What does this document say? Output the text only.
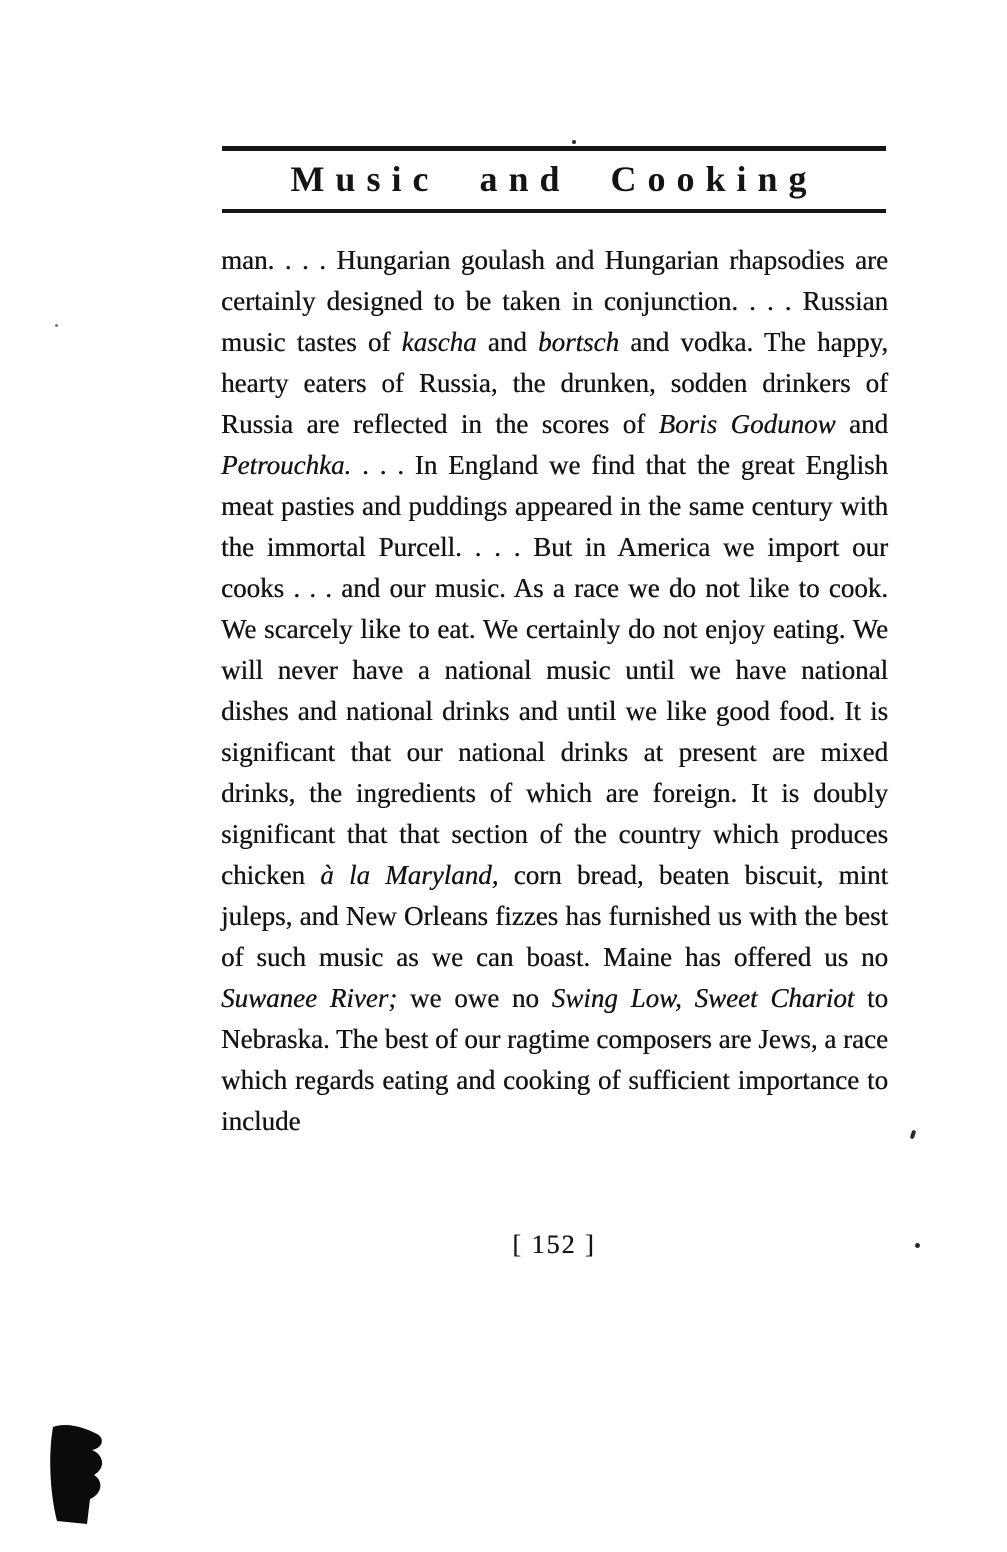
Music and Cooking

man. . . . Hungarian goulash and Hungarian rhapsodies are certainly designed to be taken in conjunction. . . . Russian music tastes of kascha and bortsch and vodka. The happy, hearty eaters of Russia, the drunken, sodden drinkers of Russia are reflected in the scores of Boris Godunow and Petrouchka. . . . In England we find that the great English meat pasties and puddings appeared in the same century with the immortal Purcell. . . . But in America we import our cooks . . . and our music. As a race we do not like to cook. We scarcely like to eat. We certainly do not enjoy eating. We will never have a national music until we have national dishes and national drinks and until we like good food. It is significant that our national drinks at present are mixed drinks, the ingredients of which are foreign. It is doubly significant that that section of the country which produces chicken à la Maryland, corn bread, beaten biscuit, mint juleps, and New Orleans fizzes has furnished us with the best of such music as we can boast. Maine has offered us no Suwanee River; we owe no Swing Low, Sweet Chariot to Nebraska. The best of our ragtime composers are Jews, a race which regards eating and cooking of sufficient importance to include

[ 152 ]
